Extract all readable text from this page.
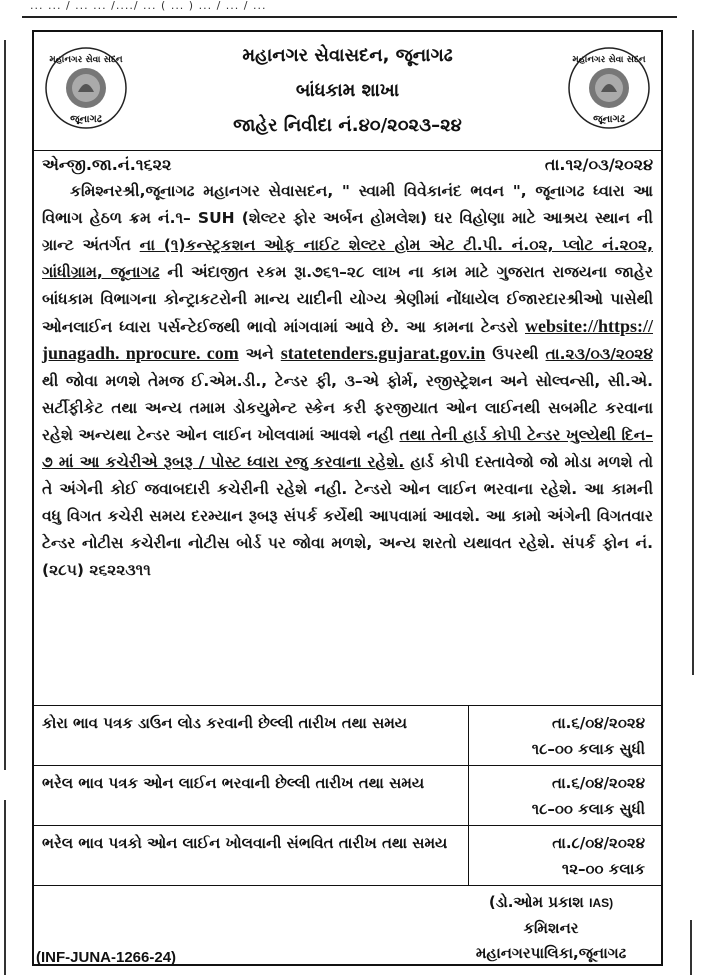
... ... / ... ... /..../ ... ( ... ) ... / ... / ...
મહાનગર સેવા સદન
જૂનાગઢ
મહાનગર સેવાસદન, જૂનાગઢ
બાંધકામ શાખા
જાહેર નિવીદા નં.૪૦/૨૦૨૩–૨૪
મહાનગર સેવા સદન
જૂનાગઢ
એન્જી.જા.નં.૧૬૨૨	તા.૧૨/૦૩/૨૦૨૪

કમિશ્નરશ્રી,જૂનાગઢ મહાનગર સેવાસદન, " સ્વામી વિવેકાનંદ ભવન ", જૂનાગઢ ધ્વારા આ વિભાગ હેઠળ ક્રમ નં.૧– SUH (શેલ્ટર ફોર અર્બન હોમલેશ) ઘર વિહોણા માટે આશ્રય સ્થાન ની ગ્રાન્ટ અંતર્ગત ના (૧)કન્સ્ટ્રકશન ઓફ નાઈટ શેલ્ટર હોમ એટ ટી.પી. નં.૦૨, પ્લોટ નં.૨૦૨, ગાંધીગ્રામ, જૂનાગઢ ની અંદાજીત રકમ રૂા.૭૬૧–૨૮ લાખ ના કામ માટે ગુજરાત રાજયના જાહેર બાંધકામ વિભાગના કોન્ટ્રાકટરોની માન્ય યાદીની યોગ્ય શ્રેણીમાં નોંધાયેલ ઈજારદારશ્રીઓ પાસેથી ઓનલાઈન ધ્વારા પર્સન્ટેઈજથી ભાવો માંગવામાં આવે છે. આ કામના ટેન્ડરો website://https:// junagadh. nprocure. com અને statetenders.gujarat.gov.in ઉપરથી તા.૨૩/૦૩/૨૦૨૪ થી જોવા મળશે તેમજ ઈ.એમ.ડી., ટેન્ડર ફી, ૩–એ ફોર્મ, રજીસ્ટ્રેશન અને સોલ્વન્સી, સી.એ. સર્ટીફીકેટ તથા અન્ય તમામ ડોકયુમેન્ટ સ્કેન કરી ફરજીયાત ઓન લાઈનથી સબમીટ કરવાના રહેશે અન્યથા ટેન્ડર ઓન લાઈન ખોલવામાં આવશે નહી તથા તેની હાર્ડ કોપી ટેન્ડર ખુલ્યેથી દિન–૭ માં આ કચેરીએ રૂબરૂ / પોસ્ટ ધ્વારા રજુ કરવાના રહેશે. હાર્ડ કોપી દસ્તાવેજો જો મોડા મળશે તો તે અંગેની કોઈ જવાબદારી કચેરીની રહેશે નહી. ટેન્ડરો ઓન લાઈન ભરવાના રહેશે. આ કામની વધુ વિગત કચેરી સમય દરમ્યાન રૂબરૂ સંપર્ક કર્યેથી આપવામાં આવશે. આ કામો અંગેની વિગતવાર ટેન્ડર નોટીસ કચેરીના નોટીસ બોર્ડ પર જોવા મળશે, અન્ય શરતો યથાવત રહેશે. સંપર્ક ફોન નં.(૨૮૫) ૨૬૨૨૩૧૧

કોરા ભાવ પત્રક ડાઉન લોડ કરવાની છેલ્લી તારીખ તથા સમય	તા.૬/૦૪/૨૦૨૪
૧૮–૦૦ કલાક સુધી
ભરેલ ભાવ પત્રક ઓન લાઈન ભરવાની છેલ્લી તારીખ તથા સમય	તા.૬/૦૪/૨૦૨૪
૧૮–૦૦ કલાક સુધી
ભરેલ ભાવ પત્રકો ઓન લાઈન ખોલવાની સંભવિત તારીખ તથા સમય	તા.૮/૦૪/૨૦૨૪
૧૨–૦૦ કલાક
(ડો.ઓમ પ્રકાશ IAS)
કમિશનર
મહાનગરપાલિકા,જૂનાગઢ
(INF-JUNA-1266-24)
